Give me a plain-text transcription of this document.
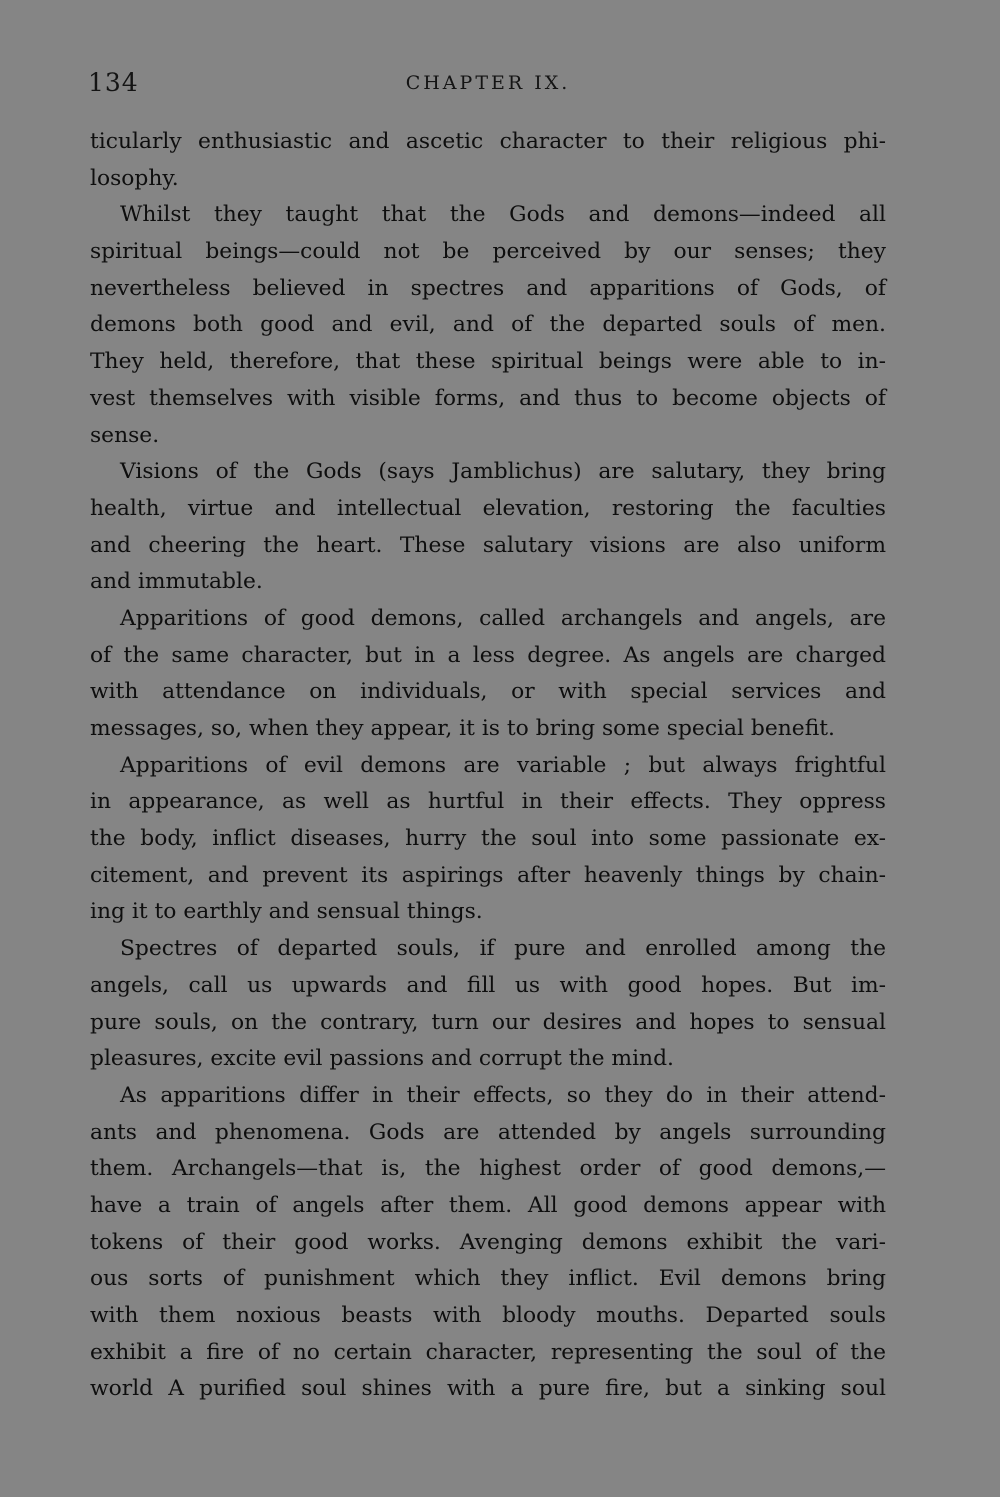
134	CHAPTER IX.
ticularly enthusiastic and ascetic character to their religious phi-
losophy.
Whilst they taught that the Gods and demons—indeed all
spiritual beings—could not be perceived by our senses; they
nevertheless believed in spectres and apparitions of Gods, of
demons both good and evil, and of the departed souls of men.
They held, therefore, that these spiritual beings were able to in-
vest themselves with visible forms, and thus to become objects of
sense.
Visions of the Gods (says Jamblichus) are salutary, they bring
health, virtue and intellectual elevation, restoring the faculties
and cheering the heart. These salutary visions are also uniform
and immutable.
Apparitions of good demons, called archangels and angels, are
of the same character, but in a less degree. As angels are charged
with attendance on individuals, or with special services and
messages, so, when they appear, it is to bring some special benefit.
Apparitions of evil demons are variable ; but always frightful
in appearance, as well as hurtful in their effects. They oppress
the body, inflict diseases, hurry the soul into some passionate ex-
citement, and prevent its aspirings after heavenly things by chain-
ing it to earthly and sensual things.
Spectres of departed souls, if pure and enrolled among the
angels, call us upwards and fill us with good hopes. But im-
pure souls, on the contrary, turn our desires and hopes to sensual
pleasures, excite evil passions and corrupt the mind.
As apparitions differ in their effects, so they do in their attend-
ants and phenomena. Gods are attended by angels surrounding
them. Archangels—that is, the highest order of good demons,—
have a train of angels after them. All good demons appear with
tokens of their good works. Avenging demons exhibit the vari-
ous sorts of punishment which they inflict. Evil demons bring
with them noxious beasts with bloody mouths. Departed souls
exhibit a fire of no certain character, representing the soul of the
world A purified soul shines with a pure fire, but a sinking soul
